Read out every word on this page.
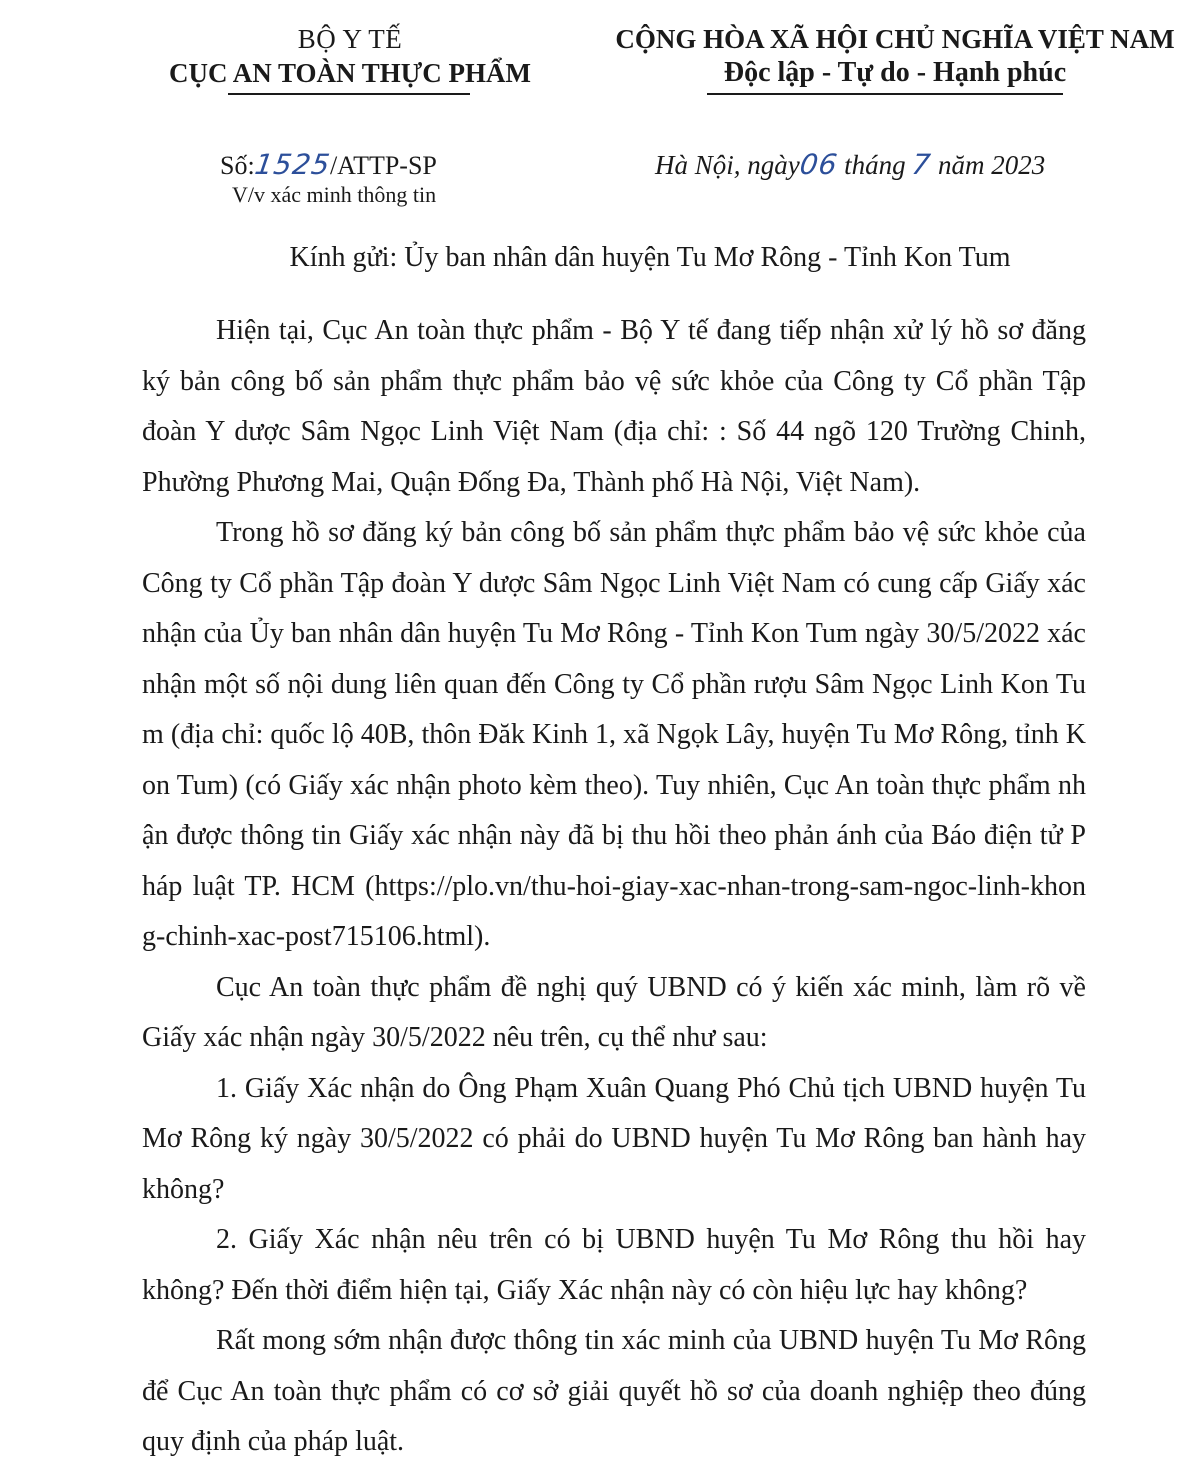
BỘ Y TẾ
CỤC AN TOÀN THỰC PHẨM
CỘNG HÒA XÃ HỘI CHỦ NGHĨA VIỆT NAM
Độc lập - Tự do - Hạnh phúc
Số:1525/ATTP-SP
V/v xác minh thông tin
Hà Nội, ngày06 tháng 7 năm 2023
Kính gửi: Ủy ban nhân dân huyện Tu Mơ Rông - Tỉnh Kon Tum

Hiện tại, Cục An toàn thực phẩm - Bộ Y tế đang tiếp nhận xử lý hồ sơ đăng ký bản công bố sản phẩm thực phẩm bảo vệ sức khỏe của Công ty Cổ phần Tập đoàn Y dược Sâm Ngọc Linh Việt Nam (địa chỉ: : Số 44 ngõ 120 Trường Chinh, Phường Phương Mai, Quận Đống Đa, Thành phố Hà Nội, Việt Nam).

Trong hồ sơ đăng ký bản công bố sản phẩm thực phẩm bảo vệ sức khỏe của Công ty Cổ phần Tập đoàn Y dược Sâm Ngọc Linh Việt Nam có cung cấp Giấy xác nhận của Ủy ban nhân dân huyện Tu Mơ Rông - Tỉnh Kon Tum ngày 30/5/2022 xác nhận một số nội dung liên quan đến Công ty Cổ phần rượu Sâm Ngọc Linh Kon Tum (địa chỉ: quốc lộ 40B, thôn Đăk Kinh 1, xã Ngọk Lây, huyện Tu Mơ Rông, tỉnh Kon Tum) (có Giấy xác nhận photo kèm theo). Tuy nhiên, Cục An toàn thực phẩm nhận được thông tin Giấy xác nhận này đã bị thu hồi theo phản ánh của Báo điện tử Pháp luật TP. HCM (https://plo.vn/thu-hoi-giay-xac-nhan-trong-sam-ngoc-linh-khong-chinh-xac-post715106.html).

Cục An toàn thực phẩm đề nghị quý UBND có ý kiến xác minh, làm rõ về Giấy xác nhận ngày 30/5/2022 nêu trên, cụ thể như sau:

1. Giấy Xác nhận do Ông Phạm Xuân Quang Phó Chủ tịch UBND huyện Tu Mơ Rông ký ngày 30/5/2022 có phải do UBND huyện Tu Mơ Rông ban hành hay không?

2. Giấy Xác nhận nêu trên có bị UBND huyện Tu Mơ Rông thu hồi hay không? Đến thời điểm hiện tại, Giấy Xác nhận này có còn hiệu lực hay không?

Rất mong sớm nhận được thông tin xác minh của UBND huyện Tu Mơ Rông để Cục An toàn thực phẩm có cơ sở giải quyết hồ sơ của doanh nghiệp theo đúng quy định của pháp luật.
